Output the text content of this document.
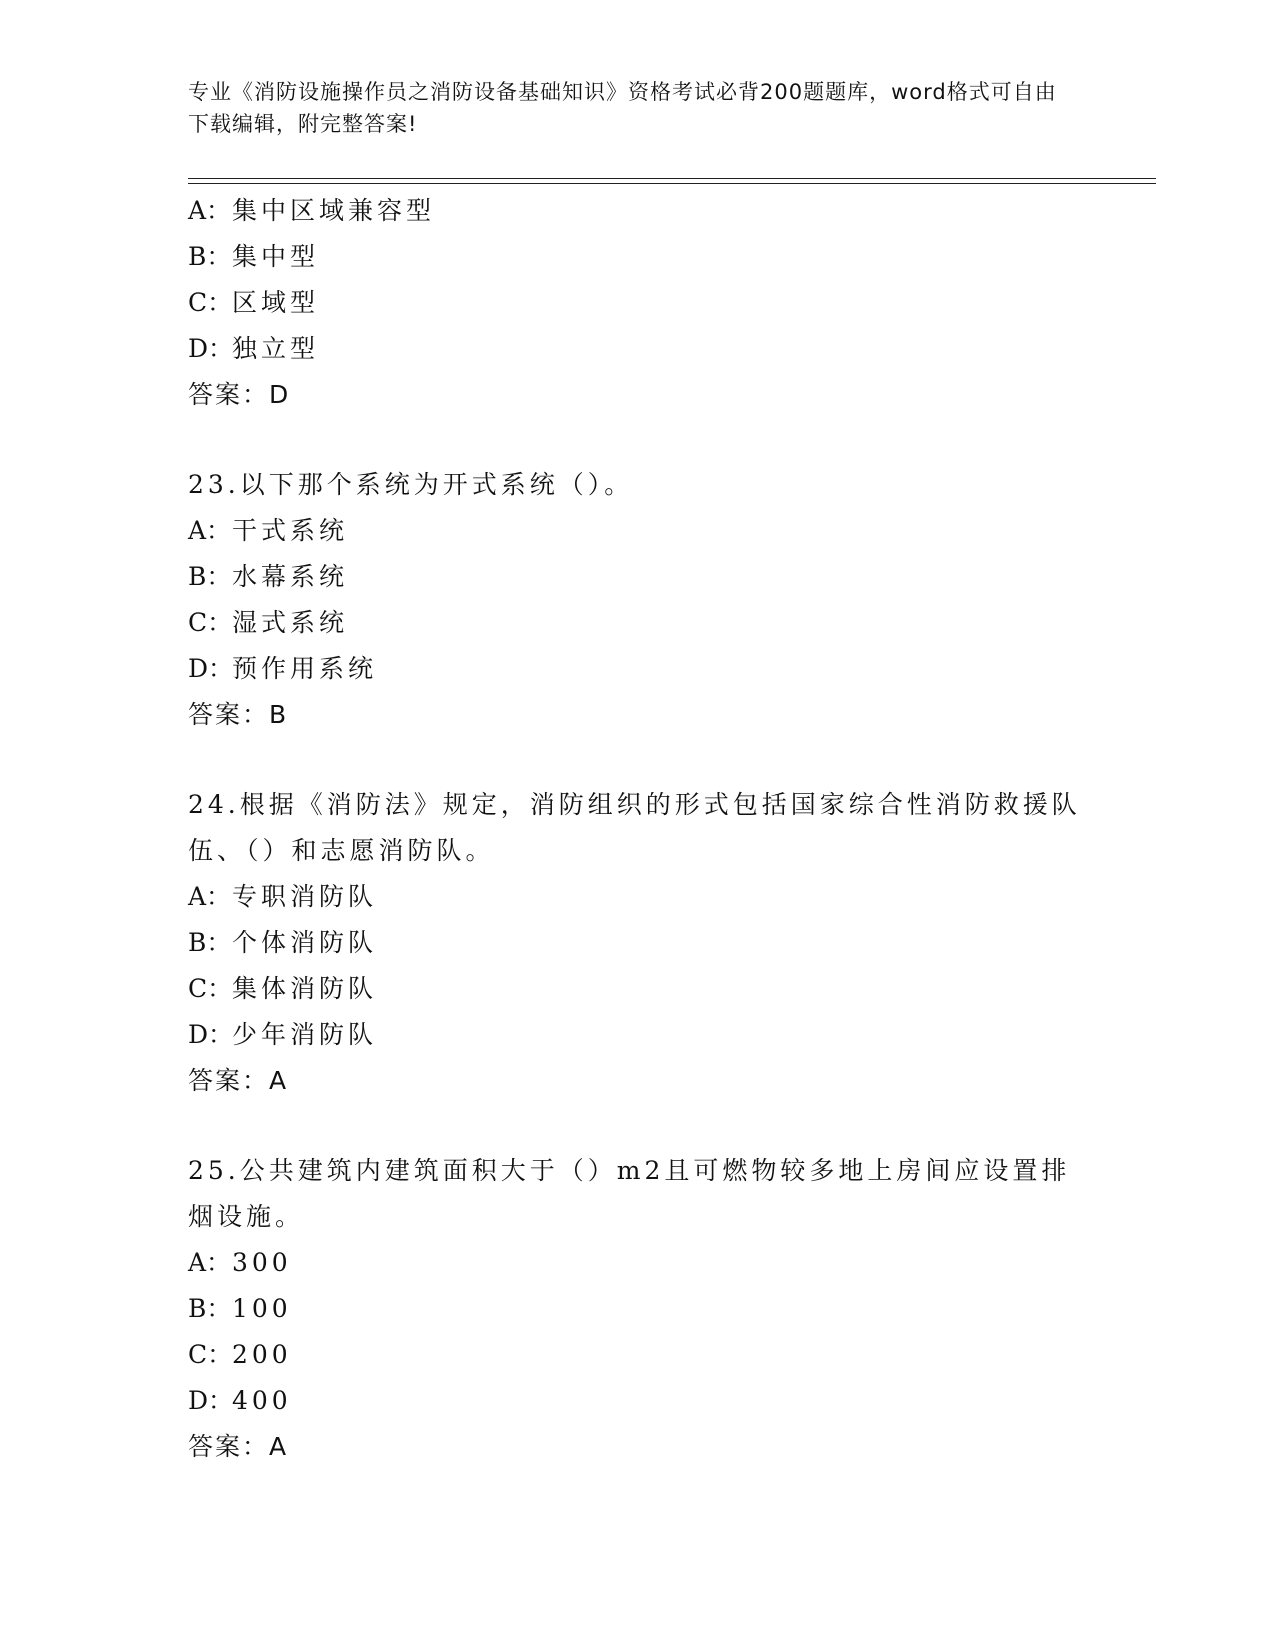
专业《消防设施操作员之消防设备基础知识》资格考试必背200题题库，word格式可自由下载编辑，附完整答案!
A：集中区域兼容型
B：集中型
C：区域型
D：独立型
答案：D
23.以下那个系统为开式系统（）。
A：干式系统
B：水幕系统
C：湿式系统
D：预作用系统
答案：B
24.根据《消防法》规定，消防组织的形式包括国家综合性消防救援队伍、（）和志愿消防队。
A：专职消防队
B：个体消防队
C：集体消防队
D：少年消防队
答案：A
25.公共建筑内建筑面积大于（）m2且可燃物较多地上房间应设置排烟设施。
A：300
B：100
C：200
D：400
答案：A
